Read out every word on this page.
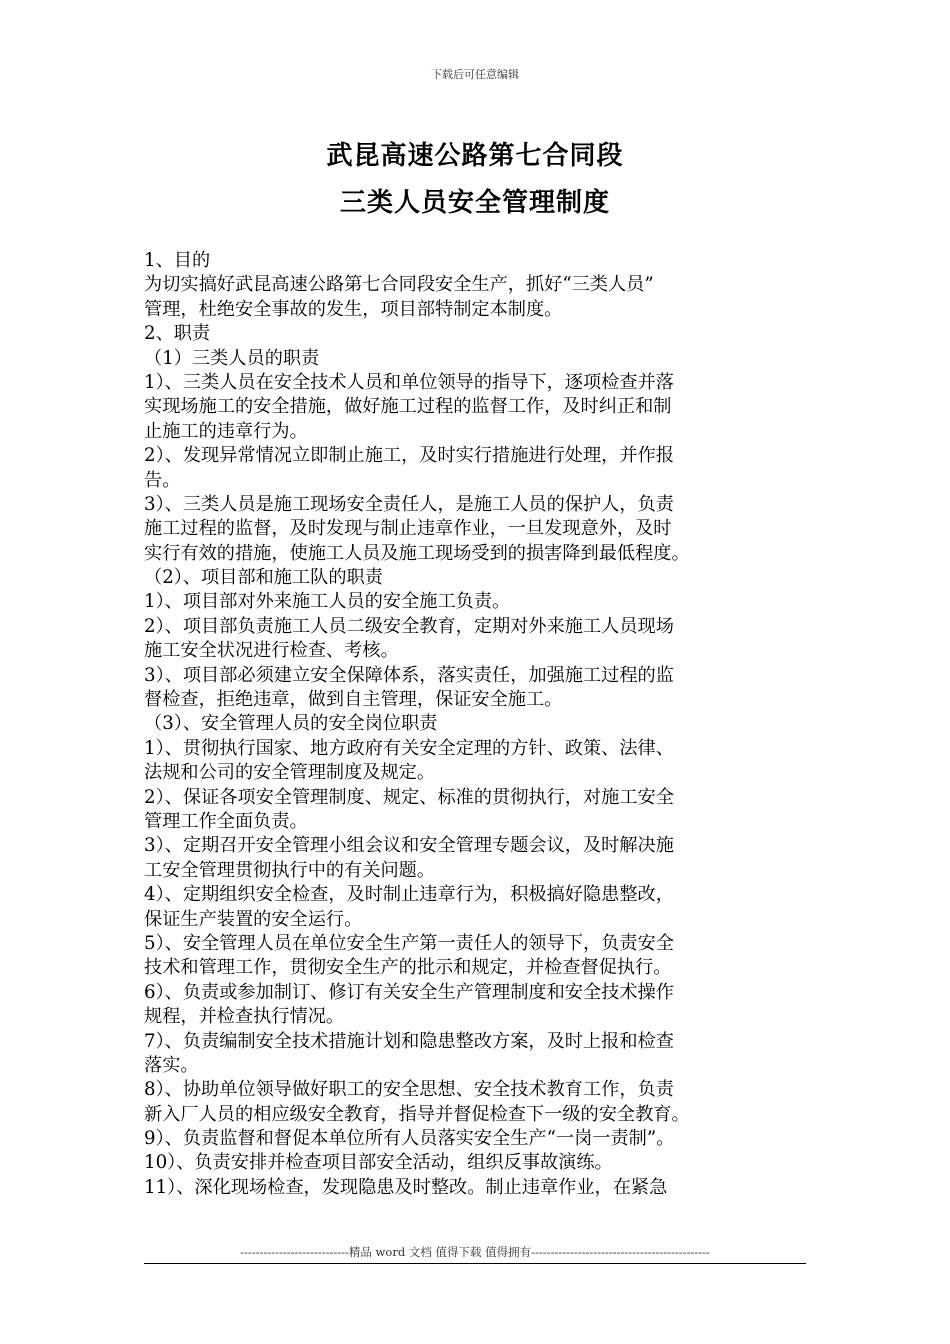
下载后可任意编辑
武昆高速公路第七合同段
三类人员安全管理制度
1、目的
为切实搞好武昆高速公路第七合同段安全生产，抓好“三类人员”
管理，杜绝安全事故的发生，项目部特制定本制度。
2、职责
（1）三类人员的职责
1）、三类人员在安全技术人员和单位领导的指导下，逐项检查并落
实现场施工的安全措施，做好施工过程的监督工作，及时纠正和制
止施工的违章行为。
2）、发现异常情况立即制止施工，及时实行措施进行处理，并作报
告。
3）、三类人员是施工现场安全责任人，是施工人员的保护人，负责
施工过程的监督，及时发现与制止违章作业，一旦发现意外，及时
实行有效的措施，使施工人员及施工现场受到的损害降到最低程度。
（2）、项目部和施工队的职责
1）、项目部对外来施工人员的安全施工负责。
2）、项目部负责施工人员二级安全教育，定期对外来施工人员现场
施工安全状况进行检查、考核。
3）、项目部必须建立安全保障体系，落实责任，加强施工过程的监
督检查，拒绝违章，做到自主管理，保证安全施工。
（3）、安全管理人员的安全岗位职责
1）、贯彻执行国家、地方政府有关安全定理的方针、政策、法律、
法规和公司的安全管理制度及规定。
2）、保证各项安全管理制度、规定、标准的贯彻执行，对施工安全
管理工作全面负责。
3）、定期召开安全管理小组会议和安全管理专题会议，及时解决施
工安全管理贯彻执行中的有关问题。
4）、定期组织安全检查，及时制止违章行为，积极搞好隐患整改，
保证生产装置的安全运行。
5）、安全管理人员在单位安全生产第一责任人的领导下，负责安全
技术和管理工作，贯彻安全生产的批示和规定，并检查督促执行。
6）、负责或参加制订、修订有关安全生产管理制度和安全技术操作
规程，并检查执行情况。
7）、负责编制安全技术措施计划和隐患整改方案，及时上报和检查
落实。
8）、协助单位领导做好职工的安全思想、安全技术教育工作，负责
新入厂人员的相应级安全教育，指导并督促检查下一级的安全教育。
9）、负责监督和督促本单位所有人员落实安全生产“一岗一责制”。
10）、负责安排并检查项目部安全活动，组织反事故演练。
11）、深化现场检查，发现隐患及时整改。制止违章作业，在紧急
----------------------------精品 word 文档 值得下载 值得拥有----------------------------------------------
